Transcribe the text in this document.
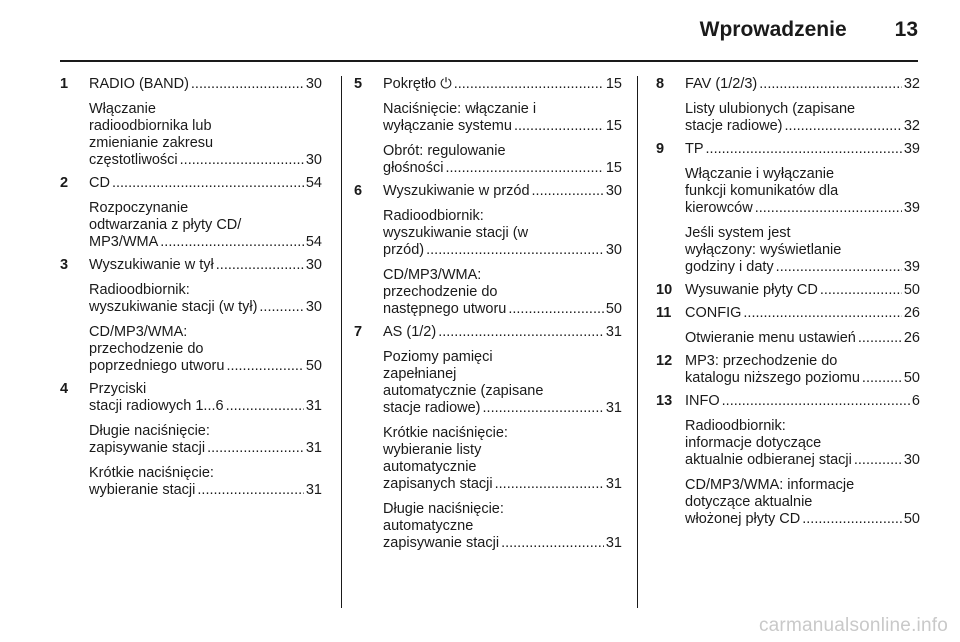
Wprowadzenie 13
1	RADIO (BAND) .....	30
Włączanie
radioodbiornika lub
zmienianie zakresu
częstotliwości .....	30
2	CD .....	54
Rozpoczynanie
odtwarzania z płyty CD/
MP3/WMA .....	54
3	Wyszukiwanie w tył .....	30
Radioodbiornik:
wyszukiwanie stacji (w tył) .....	30
CD/MP3/WMA:
przechodzenie do
poprzedniego utworu .....	50
4	Przyciski
stacji radiowych 1...6 .....	31
Długie naciśnięcie:
zapisywanie stacji .....	31
Krótkie naciśnięcie:
wybieranie stacji .....	31
5	Pokrętło ⏻ .....	15
Naciśnięcie: włączanie i
wyłączanie systemu .....	15
Obrót: regulowanie
głośności .....	15
6	Wyszukiwanie w przód .....	30
Radioodbiornik:
wyszukiwanie stacji (w
przód) .....	30
CD/MP3/WMA:
przechodzenie do
następnego utworu .....	50
7	AS (1/2) .....	31
Poziomy pamięci
zapełnianej
automatycznie (zapisane
stacje radiowe) .....	31
Krótkie naciśnięcie:
wybieranie listy
automatycznie
zapisanych stacji .....	31
Długie naciśnięcie:
automatyczne
zapisywanie stacji .....	31
8	FAV (1/2/3) .....	32
Listy ulubionych (zapisane
stacje radiowe) .....	32
9	TP .....	39
Włączanie i wyłączanie
funkcji komunikatów dla
kierowców .....	39
Jeśli system jest
wyłączony: wyświetlanie
godziny i daty .....	39
10 Wysuwanie płyty CD .....	50
11 CONFIG .....	26
Otwieranie menu ustawień .....	26
12 MP3: przechodzenie do
katalogu niższego poziomu .....	50
13 INFO .....	6
Radioodbiornik:
informacje dotyczące
aktualnie odbieranej stacji .....	30
CD/MP3/WMA: informacje
dotyczące aktualnie
włożonej płyty CD .....	50
carmanualsonline.info
